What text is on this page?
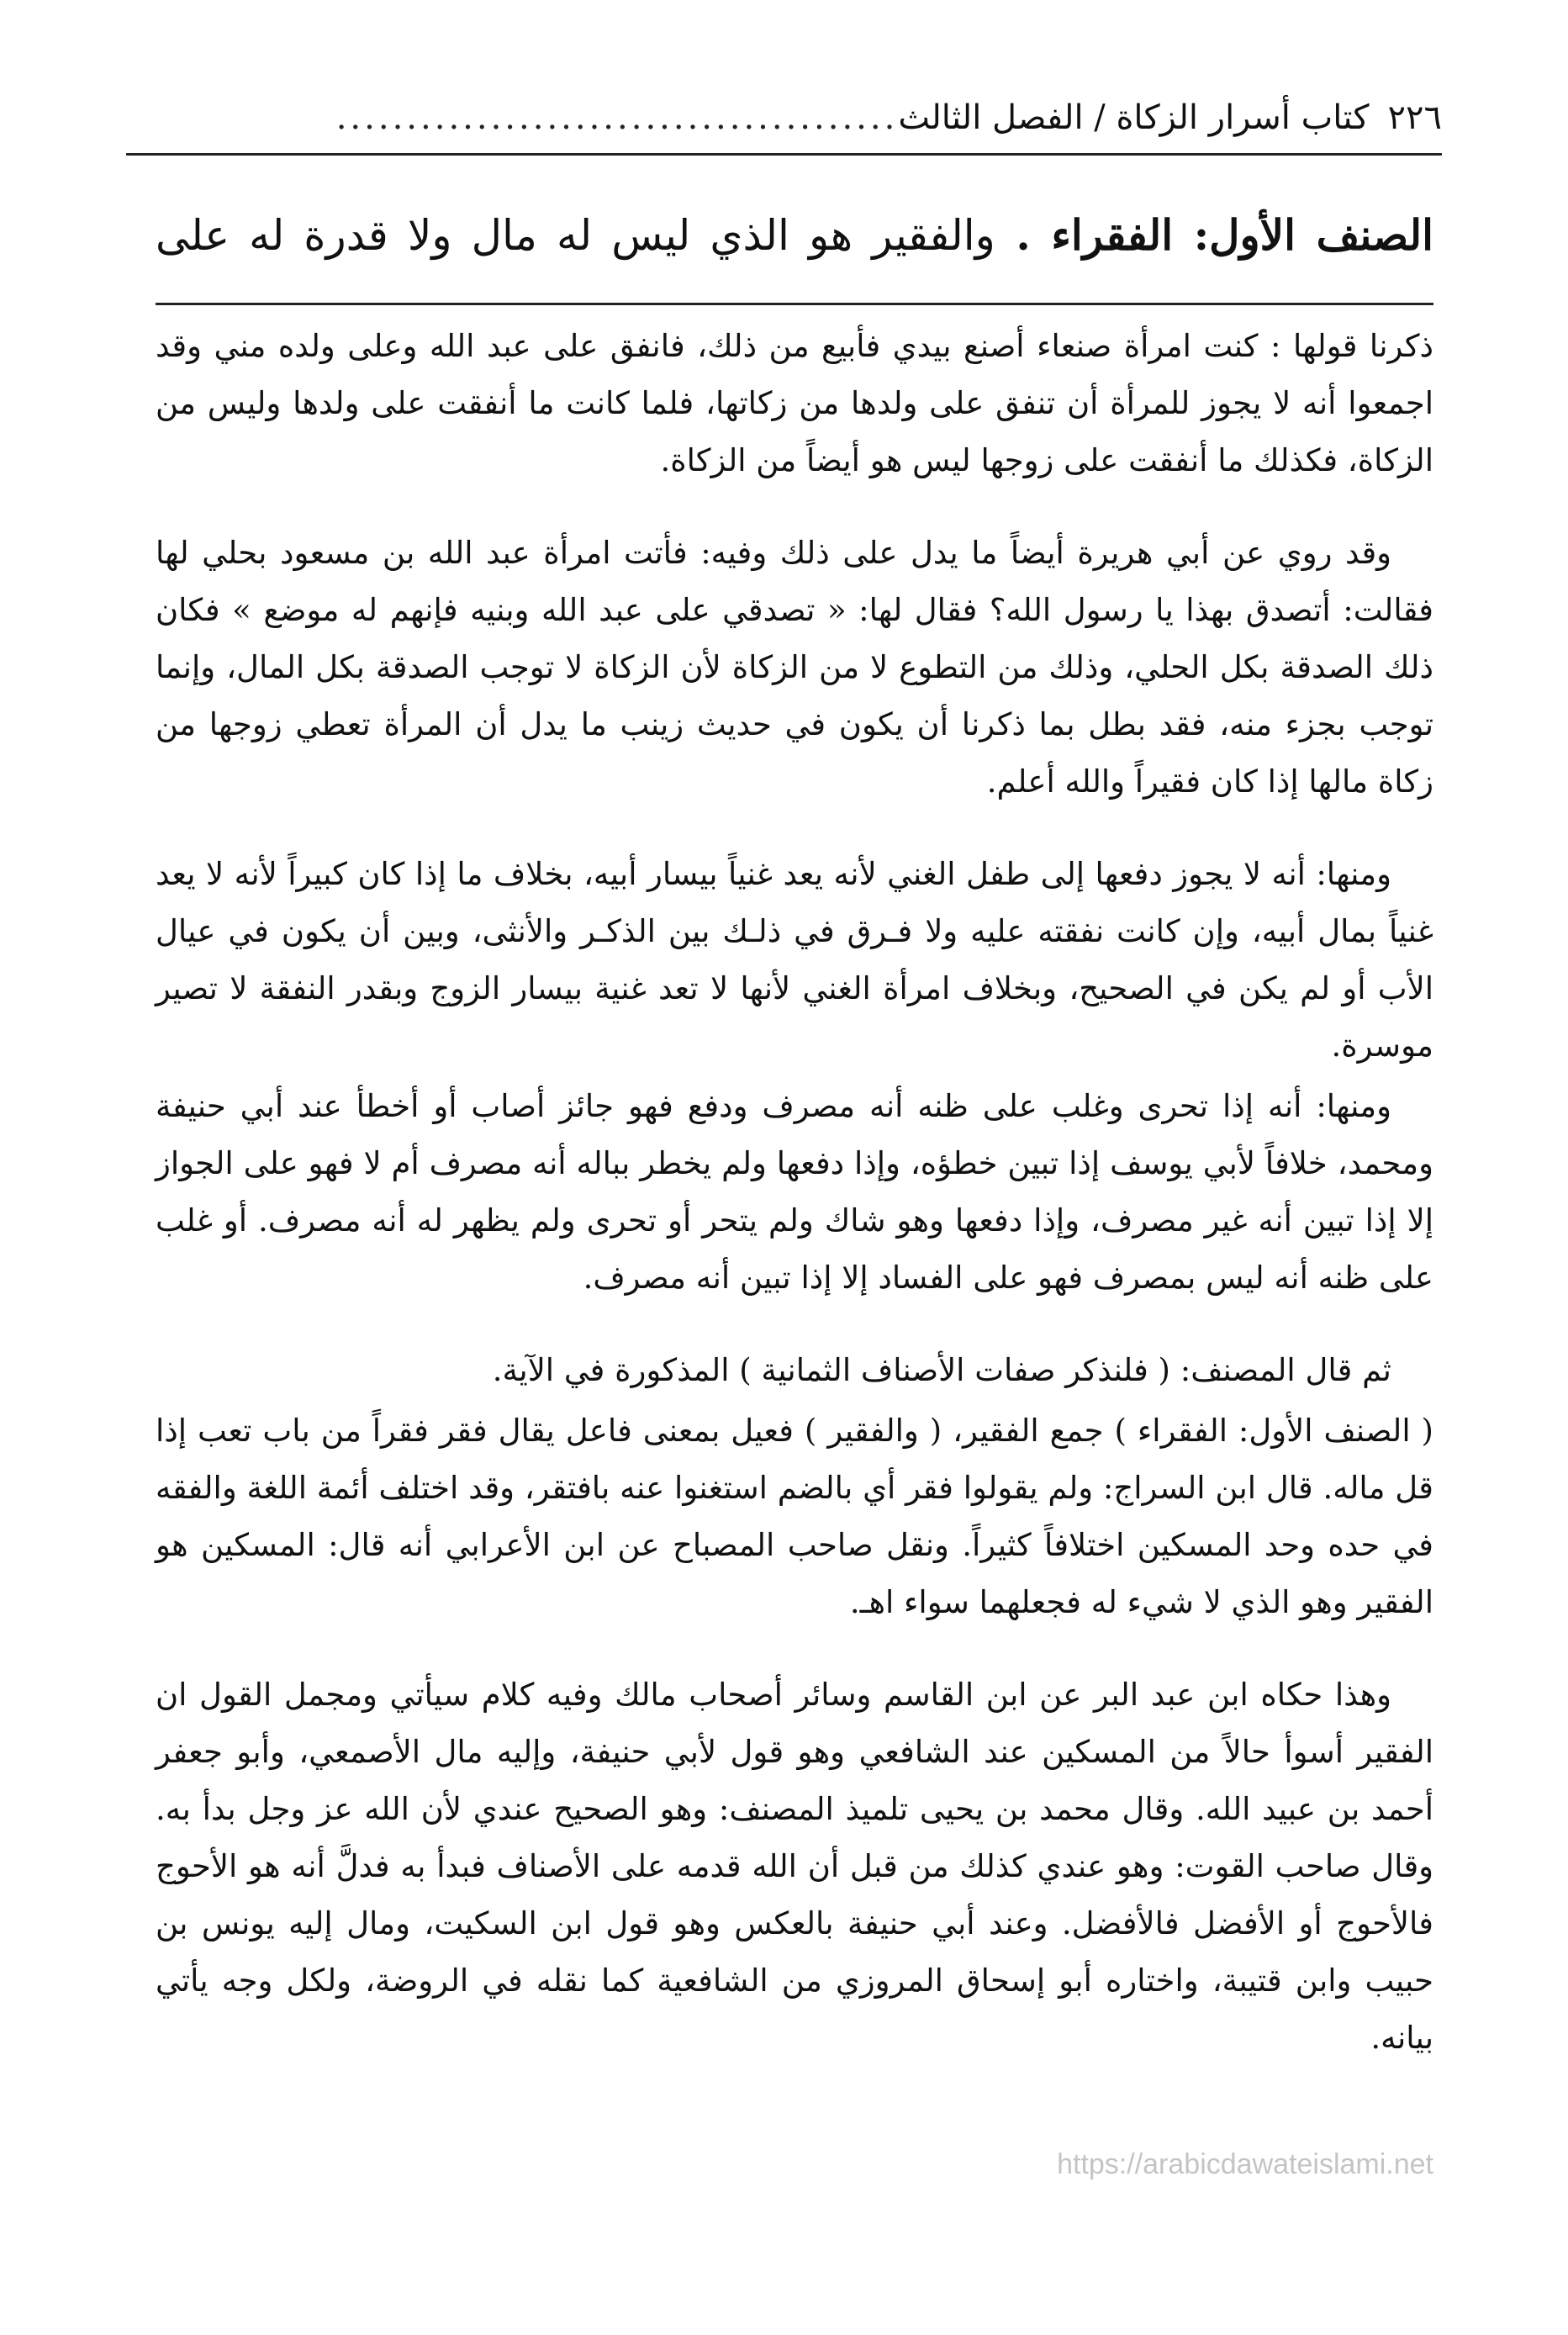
٢٢٦
كتاب أسرار الزكاة / الفصل الثالث
........................................
الصنف الأول: الفقراء . والفقير هو الذي ليس له مال ولا قدرة له على

ذكرنا قولها : كنت امرأة صنعاء أصنع بيدي فأبيع من ذلك، فانفق على عبد الله وعلى ولده مني وقد اجمعوا أنه لا يجوز للمرأة أن تنفق على ولدها من زكاتها، فلما كانت ما أنفقت على ولدها وليس من الزكاة، فكذلك ما أنفقت على زوجها ليس هو أيضاً من الزكاة.

وقد روي عن أبي هريرة أيضاً ما يدل على ذلك وفيه: فأتت امرأة عبد الله بن مسعود بحلي لها فقالت: أتصدق بهذا يا رسول الله؟ فقال لها: « تصدقي على عبد الله وبنيه فإنهم له موضع » فكان ذلك الصدقة بكل الحلي، وذلك من التطوع لا من الزكاة لأن الزكاة لا توجب الصدقة بكل المال، وإنما توجب بجزء منه، فقد بطل بما ذكرنا أن يكون في حديث زينب ما يدل أن المرأة تعطي زوجها من زكاة مالها إذا كان فقيراً والله أعلم.

ومنها: أنه لا يجوز دفعها إلى طفل الغني لأنه يعد غنياً بيسار أبيه، بخلاف ما إذا كان كبيراً لأنه لا يعد غنياً بمال أبيه، وإن كانت نفقته عليه ولا فـرق في ذلـك بين الذكـر والأنثى، وبين أن يكون في عيال الأب أو لم يكن في الصحيح، وبخلاف امرأة الغني لأنها لا تعد غنية بيسار الزوج وبقدر النفقة لا تصير موسرة.

ومنها: أنه إذا تحرى وغلب على ظنه أنه مصرف ودفع فهو جائز أصاب أو أخطأ عند أبي حنيفة ومحمد، خلافاً لأبي يوسف إذا تبين خطؤه، وإذا دفعها ولم يخطر بباله أنه مصرف أم لا فهو على الجواز إلا إذا تبين أنه غير مصرف، وإذا دفعها وهو شاك ولم يتحر أو تحرى ولم يظهر له أنه مصرف. أو غلب على ظنه أنه ليس بمصرف فهو على الفساد إلا إذا تبين أنه مصرف.

ثم قال المصنف: ( فلنذكر صفات الأصناف الثمانية ) المذكورة في الآية.

( الصنف الأول: الفقراء ) جمع الفقير، ( والفقير ) فعيل بمعنى فاعل يقال فقر فقراً من باب تعب إذا قل ماله. قال ابن السراج: ولم يقولوا فقر أي بالضم استغنوا عنه بافتقر، وقد اختلف أئمة اللغة والفقه في حده وحد المسكين اختلافاً كثيراً. ونقل صاحب المصباح عن ابن الأعرابي أنه قال: المسكين هو الفقير وهو الذي لا شيء له فجعلهما سواء اهـ.

وهذا حكاه ابن عبد البر عن ابن القاسم وسائر أصحاب مالك وفيه كلام سيأتي ومجمل القول ان الفقير أسوأ حالاً من المسكين عند الشافعي وهو قول لأبي حنيفة، وإليه مال الأصمعي، وأبو جعفر أحمد بن عبيد الله. وقال محمد بن يحيى تلميذ المصنف: وهو الصحيح عندي لأن الله عز وجل بدأ به. وقال صاحب القوت: وهو عندي كذلك من قبل أن الله قدمه على الأصناف فبدأ به فدلَّ أنه هو الأحوج فالأحوج أو الأفضل فالأفضل. وعند أبي حنيفة بالعكس وهو قول ابن السكيت، ومال إليه يونس بن حبيب وابن قتيبة، واختاره أبو إسحاق المروزي من الشافعية كما نقله في الروضة، ولكل وجه يأتي بيانه.

https://arabicdawateislami.net
